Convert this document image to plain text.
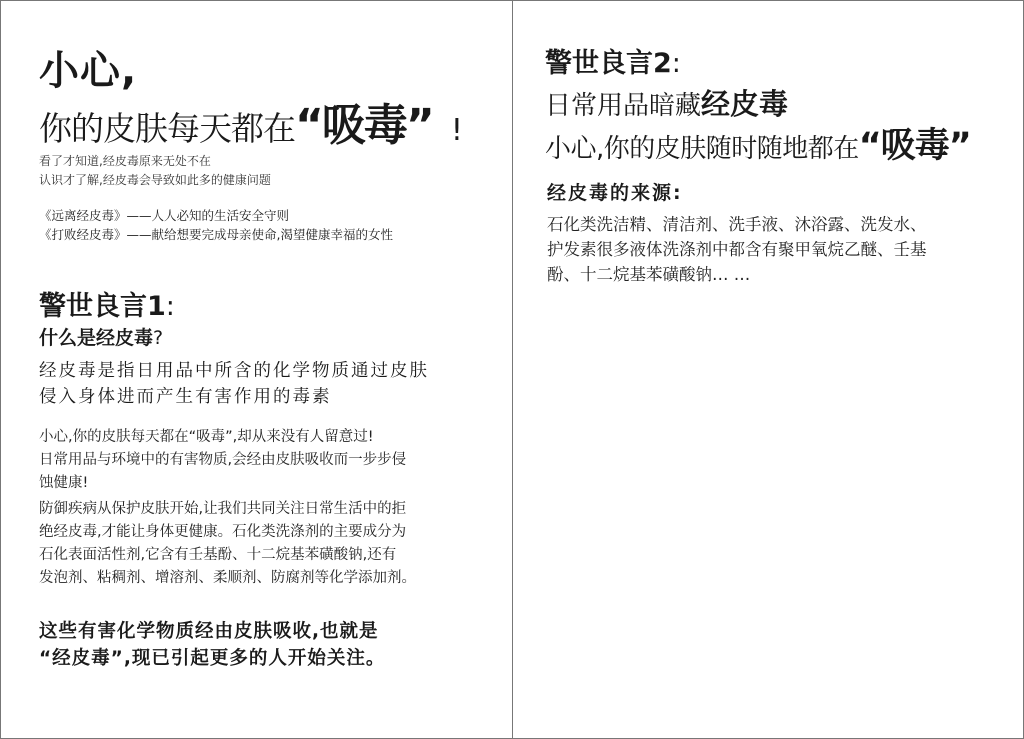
小心,
你的皮肤每天都在“吸毒” !
看了才知道,经皮毒原来无处不在
认识才了解,经皮毒会导致如此多的健康问题
《远离经皮毒》——人人必知的生活安全守则
《打败经皮毒》——献给想要完成母亲使命,渴望健康幸福的女性
警世良言1:
什么是经皮毒?
经皮毒是指日用品中所含的化学物质通过皮肤
侵入身体进而产生有害作用的毒素
小心,你的皮肤每天都在“吸毒”,却从来没有人留意过!
日常用品与环境中的有害物质,会经由皮肤吸收而一步步侵
蚀健康!
防御疾病从保护皮肤开始,让我们共同关注日常生活中的拒
绝经皮毒,才能让身体更健康。石化类洗涤剂的主要成分为
石化表面活性剂,它含有壬基酚、十二烷基苯磺酸钠,还有
发泡剂、粘稠剂、增溶剂、柔顺剂、防腐剂等化学添加剂。
这些有害化学物质经由皮肤吸收,也就是
“经皮毒”,现已引起更多的人开始关注。
警世良言2:
日常用品暗藏经皮毒
小心,你的皮肤随时随地都在“吸毒”
经皮毒的来源:
石化类洗洁精、清洁剂、洗手液、沐浴露、洗发水、
护发素很多液体洗涤剂中都含有聚甲氧烷乙醚、壬基
酚、十二烷基苯磺酸钠… …
